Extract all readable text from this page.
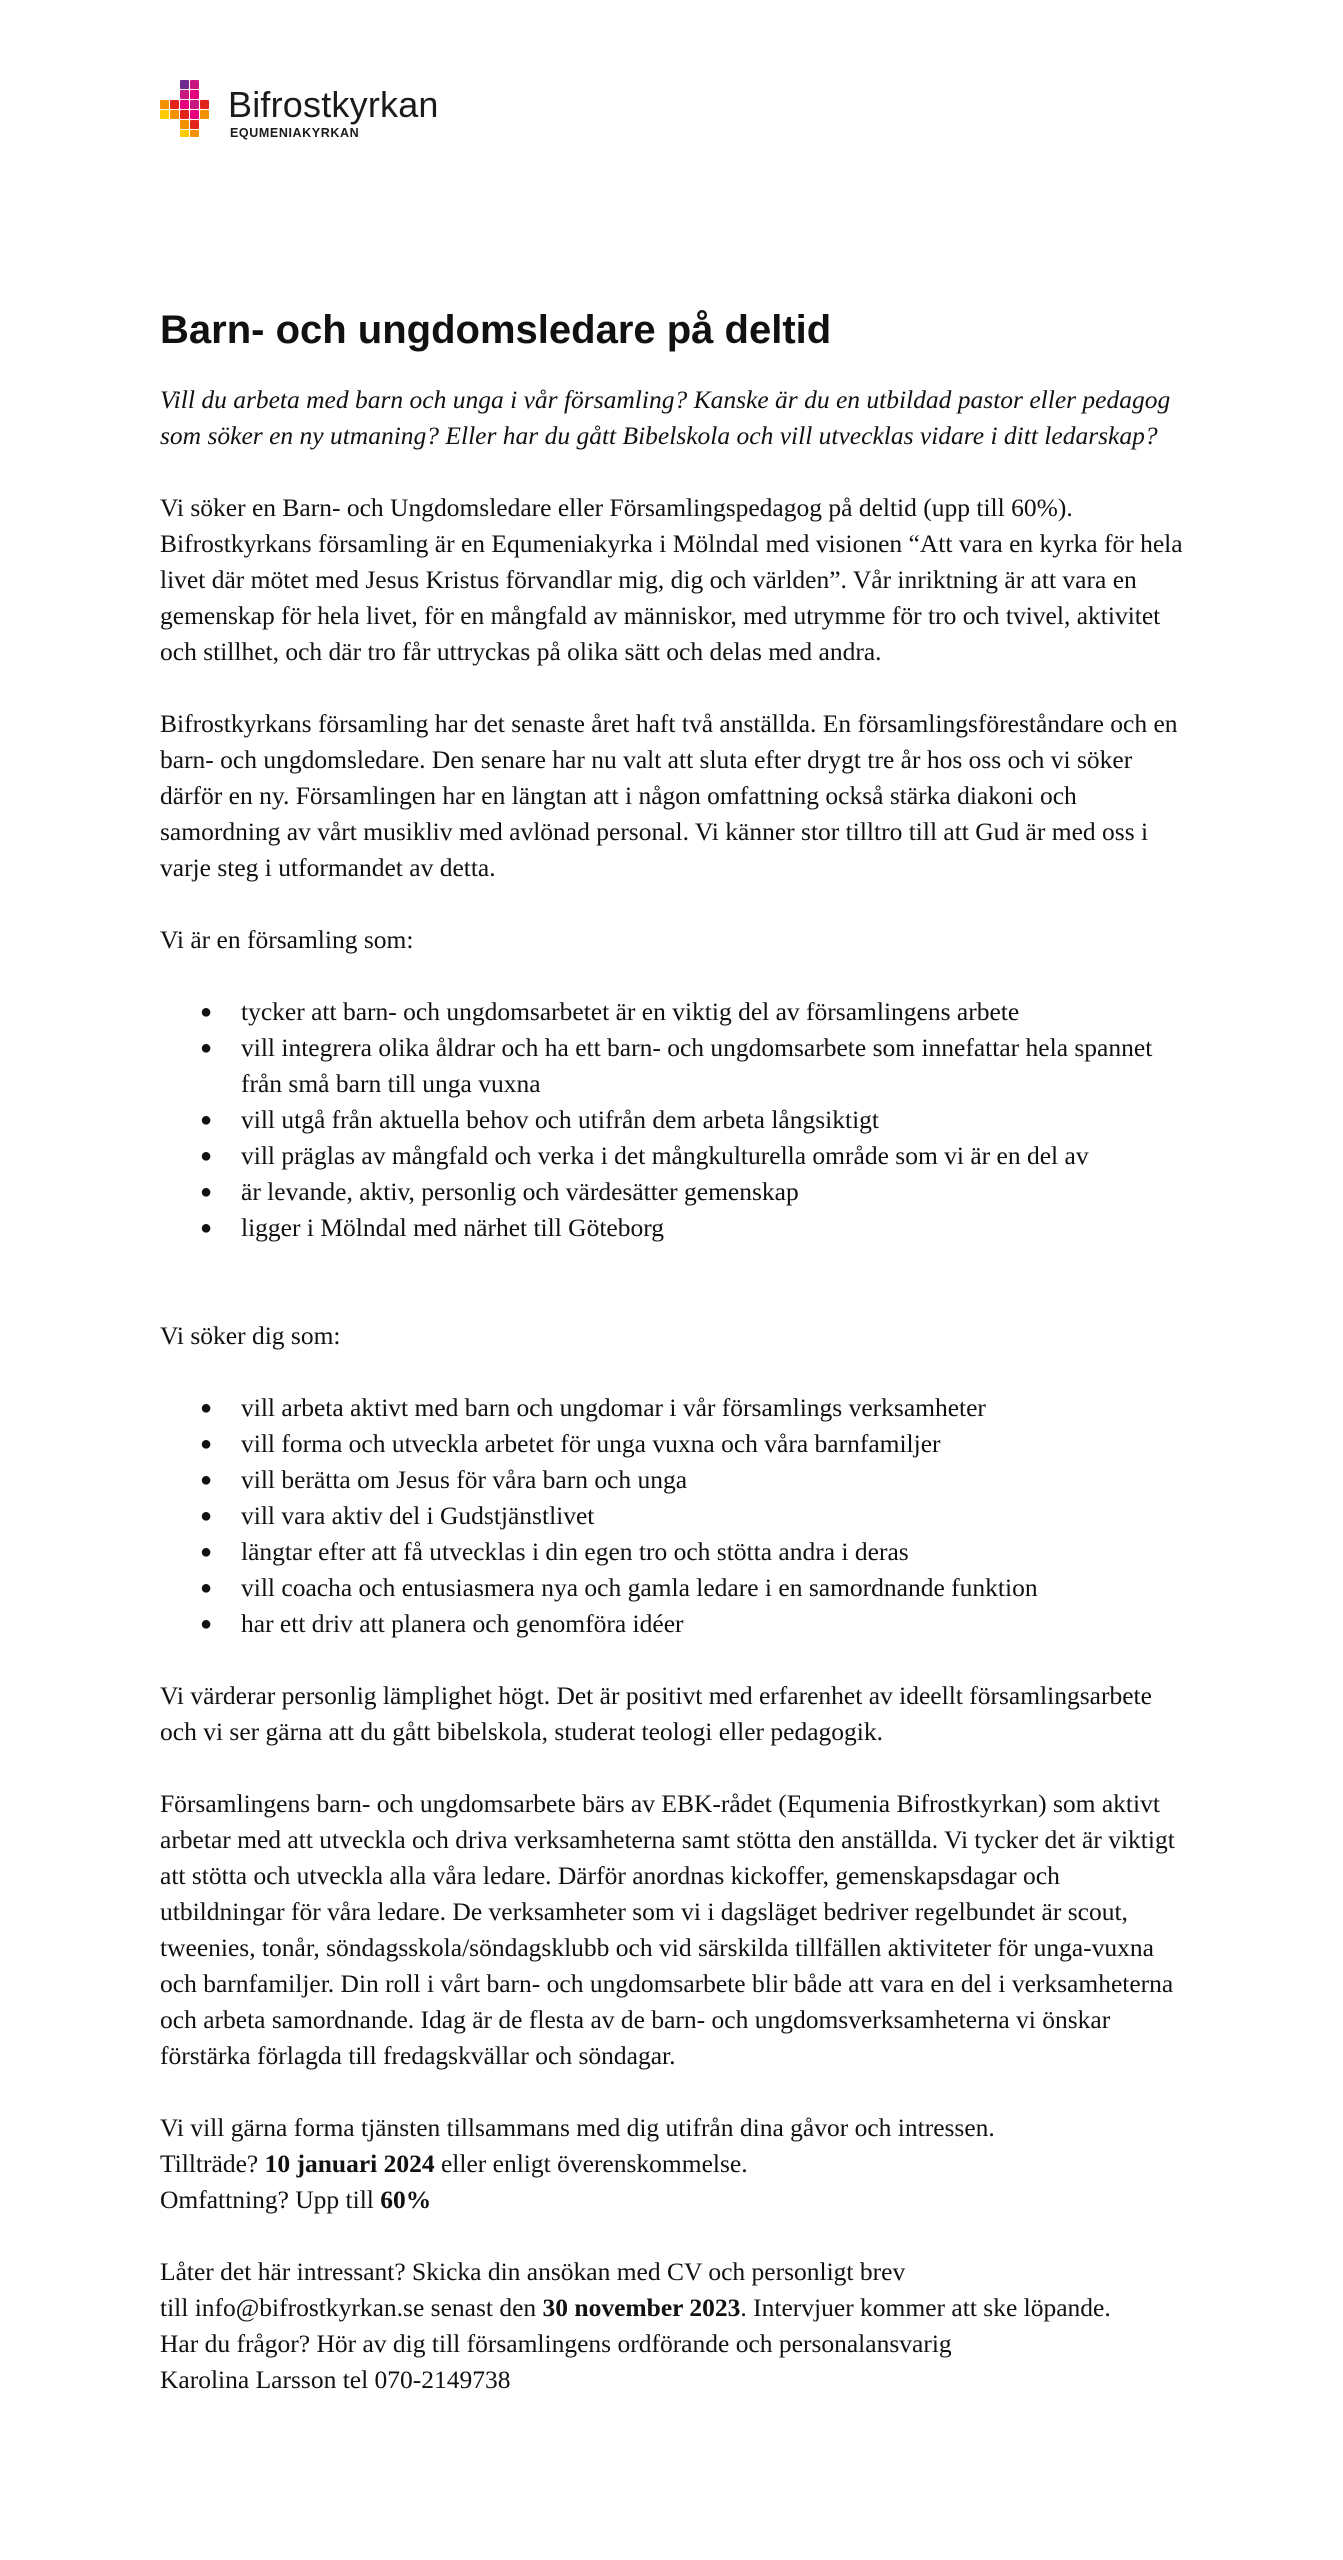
Bifrostkyrkan
EQUMENIAKYRKAN
Barn- och ungdomsledare på deltid

Vill du arbeta med barn och unga i vår församling? Kanske är du en utbildad pastor eller pedagog som söker en ny utmaning? Eller har du gått Bibelskola och vill utvecklas vidare i ditt ledarskap?

Vi söker en Barn- och Ungdomsledare eller Församlingspedagog på deltid (upp till 60%). Bifrostkyrkans församling är en Equmeniakyrka i Mölndal med visionen “Att vara en kyrka för hela livet där mötet med Jesus Kristus förvandlar mig, dig och världen”. Vår inriktning är att vara en gemenskap för hela livet, för en mångfald av människor, med utrymme för tro och tvivel, aktivitet och stillhet, och där tro får uttryckas på olika sätt och delas med andra.

Bifrostkyrkans församling har det senaste året haft två anställda. En församlingsföreståndare och en barn- och ungdomsledare. Den senare har nu valt att sluta efter drygt tre år hos oss och vi söker därför en ny. Församlingen har en längtan att i någon omfattning också stärka diakoni och samordning av vårt musikliv med avlönad personal. Vi känner stor tilltro till att Gud är med oss i varje steg i utformandet av detta.

Vi är en församling som:

● tycker att barn- och ungdomsarbetet är en viktig del av församlingens arbete
● vill integrera olika åldrar och ha ett barn- och ungdomsarbete som innefattar hela spannet från små barn till unga vuxna
● vill utgå från aktuella behov och utifrån dem arbeta långsiktigt
● vill präglas av mångfald och verka i det mångkulturella område som vi är en del av
● är levande, aktiv, personlig och värdesätter gemenskap
● ligger i Mölndal med närhet till Göteborg

Vi söker dig som:

● vill arbeta aktivt med barn och ungdomar i vår församlings verksamheter
● vill forma och utveckla arbetet för unga vuxna och våra barnfamiljer
● vill berätta om Jesus för våra barn och unga
● vill vara aktiv del i Gudstjänstlivet
● längtar efter att få utvecklas i din egen tro och stötta andra i deras
● vill coacha och entusiasmera nya och gamla ledare i en samordnande funktion
● har ett driv att planera och genomföra idéer

Vi värderar personlig lämplighet högt. Det är positivt med erfarenhet av ideellt församlingsarbete och vi ser gärna att du gått bibelskola, studerat teologi eller pedagogik.

Församlingens barn- och ungdomsarbete bärs av EBK-rådet (Equmenia Bifrostkyrkan) som aktivt arbetar med att utveckla och driva verksamheterna samt stötta den anställda. Vi tycker det är viktigt att stötta och utveckla alla våra ledare. Därför anordnas kickoffer, gemenskapsdagar och utbildningar för våra ledare. De verksamheter som vi i dagsläget bedriver regelbundet är scout, tweenies, tonår, söndagsskola/söndagsklubb och vid särskilda tillfällen aktiviteter för unga-vuxna och barnfamiljer. Din roll i vårt barn- och ungdomsarbete blir både att vara en del i verksamheterna och arbeta samordnande. Idag är de flesta av de barn- och ungdomsverksamheterna vi önskar förstärka förlagda till fredagskvällar och söndagar.

Vi vill gärna forma tjänsten tillsammans med dig utifrån dina gåvor och intressen.
Tillträde? 10 januari 2024 eller enligt överenskommelse.
Omfattning? Upp till 60%

Låter det här intressant? Skicka din ansökan med CV och personligt brev
till info@bifrostkyrkan.se senast den 30 november 2023. Intervjuer kommer att ske löpande.
Har du frågor? Hör av dig till församlingens ordförande och personalansvarig
Karolina Larsson tel 070-2149738
